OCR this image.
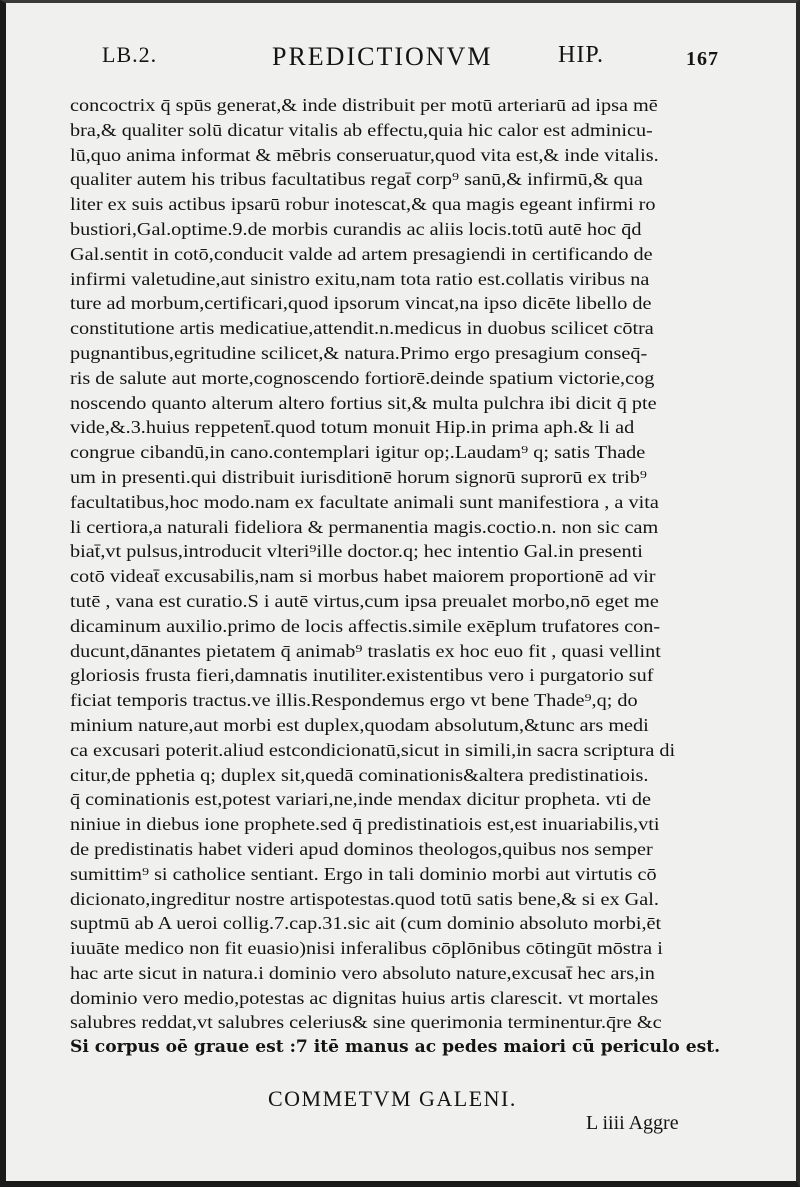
LB.2.	PREDICTIONVM	HIP.	167
concoctrix q̄ spūs generat,& inde distribuit per motū arteriarū ad ipsa mē
bra,& qualiter solū dicatur vitalis ab effectu,quia hic calor est adminicu-
lū,quo anima informat & mēbris conseruatur,quod vita est,& inde vitalis.
qualiter autem his tribus facultatibus regat̄ corp⁹ sanū,& infirmū,& qua
liter ex suis actibus ipsarū robur inotescat,& qua magis egeant infirmi ro
bustiori,Gal.optime.9.de morbis curandis ac aliis locis.totū autē hoc q̄d
Gal.sentit in cotō,conducit valde ad artem presagiendi in certificando de
infirmi valetudine,aut sinistro exitu,nam tota ratio est.collatis viribus na
ture ad morbum,certificari,quod ipsorum vincat,na ipso dicēte libello de
constitutione artis medicatiue,attendit.n.medicus in duobus scilicet cōtra
pugnantibus,egritudine scilicet,& natura.Primo ergo presagium conseq̄-
ris de salute aut morte,cognoscendo fortiorē.deinde spatium victorie,cog
noscendo quanto alterum altero fortius sit,& multa pulchra ibi dicit q̄ pte
vide,&.3.huius reppetent̄.quod totum monuit Hip.in prima aph.& li ad
congrue cibandū,in cano.contemplari igitur op;.Laudam⁹ q; satis Thade
um in presenti.qui distribuit iurisditionē horum signorū suprorū ex trib⁹
facultatibus,hoc modo.nam ex facultate animali sunt manifestiora , a vita
li certiora,a naturali fideliora & permanentia magis.coctio.n. non sic cam
biat̄,vt pulsus,introducit vlteri⁹ille doctor.q; hec intentio Gal.in presenti
cotō videat̄ excusabilis,nam si morbus habet maiorem proportionē ad vir
tutē , vana est curatio.S i autē virtus,cum ipsa preualet morbo,nō eget me
dicaminum auxilio.primo de locis affectis.simile exēplum trufatores con-
ducunt,dānantes pietatem q̄ animab⁹ traslatis ex hoc euo fit , quasi vellint
gloriosis frusta fieri,damnatis inutiliter.existentibus vero i purgatorio suf
ficiat temporis tractus.ve illis.Respondemus ergo vt bene Thade⁹,q; do
minium nature,aut morbi est duplex,quodam absolutum,&tunc ars medi
ca excusari poterit.aliud estcondicionatū,sicut in simili,in sacra scriptura di
citur,de pphetia q; duplex sit,quedā cominationis&altera predistinatiois.
q̄ cominationis est,potest variari,ne,inde mendax dicitur propheta. vti de
niniue in diebus ione prophete.sed q̄ predistinatiois est,est inuariabilis,vti
de predistinatis habet videri apud dominos theologos,quibus nos semper
sumittim⁹ si catholice sentiant. Ergo in tali dominio morbi aut virtutis cō
dicionato,ingreditur nostre artispotestas.quod totū satis bene,& si ex Gal.
suptmū ab A ueroi collig.7.cap.31.sic ait (cum dominio absoluto morbi,ēt
iuuāte medico non fit euasio)nisi inferalibus cōplōnibus cōtingūt mōstra i
hac arte sicut in natura.i dominio vero absoluto nature,excusat̄ hec ars,in
dominio vero medio,potestas ac dignitas huius artis clarescit. vt mortales
salubres reddat,vt salubres celerius& sine querimonia terminentur.q̄re &c
Si corpus oē graue est :7 itē manus ac pedes maiori cū periculo est.
COMMETVM GALENI.
L iiii Aggre
